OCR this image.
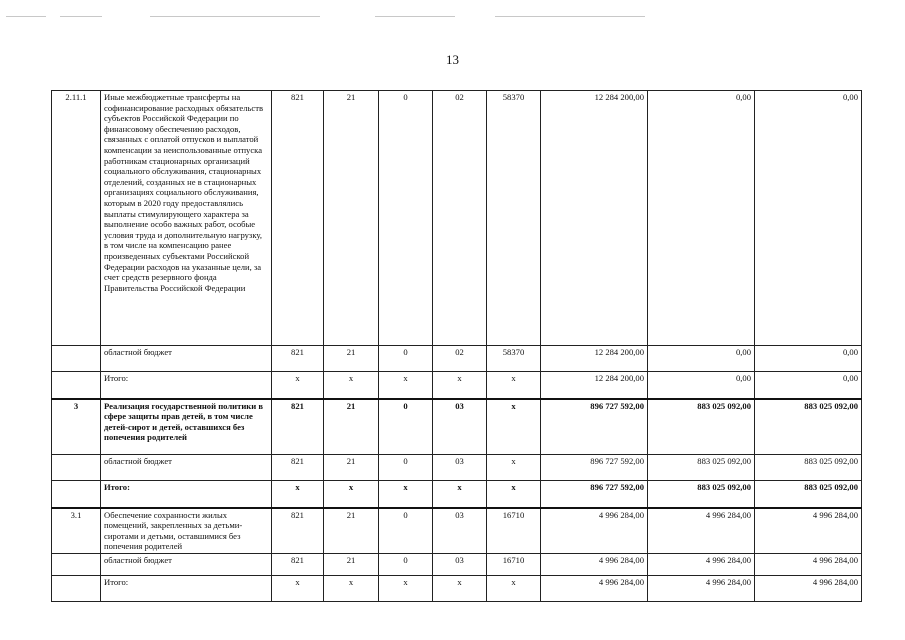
13
2.11.1	Иные межбюджетные трансферты на софинансирование расходных обязательств субъектов Российской Федерации по финансовому обеспечению расходов, связанных с оплатой отпусков и выплатой компенсации за неиспользованные отпуска работникам стационарных организаций социального обслуживания, стационарных отделений, созданных не в стационарных организациях социального обслуживания, которым в 2020 году предоставлялись выплаты стимулирующего характера за выполнение особо важных работ, особые условия труда и дополнительную нагрузку, в том числе на компенсацию ранее произведенных субъектами Российской Федерации расходов на указанные цели, за счет средств резервного фонда Правительства Российской Федерации	821	21	0	02	58370	12 284 200,00	0,00	0,00
	областной бюджет	821	21	0	02	58370	12 284 200,00	0,00	0,00
	Итого:	х	х	х	х	х	12 284 200,00	0,00	0,00
3	Реализация государственной политики в сфере защиты прав детей, в том числе детей-сирот и детей, оставшихся без попечения родителей	821	21	0	03	х	896 727 592,00	883 025 092,00	883 025 092,00
	областной бюджет	821	21	0	03	х	896 727 592,00	883 025 092,00	883 025 092,00
	Итого:	х	х	х	х	х	896 727 592,00	883 025 092,00	883 025 092,00
3.1	Обеспечение сохранности жилых помещений, закрепленных за детьми-сиротами и детьми, оставшимися без попечения родителей	821	21	0	03	16710	4 996 284,00	4 996 284,00	4 996 284,00
	областной бюджет	821	21	0	03	16710	4 996 284,00	4 996 284,00	4 996 284,00
	Итого:	х	х	х	х	х	4 996 284,00	4 996 284,00	4 996 284,00
